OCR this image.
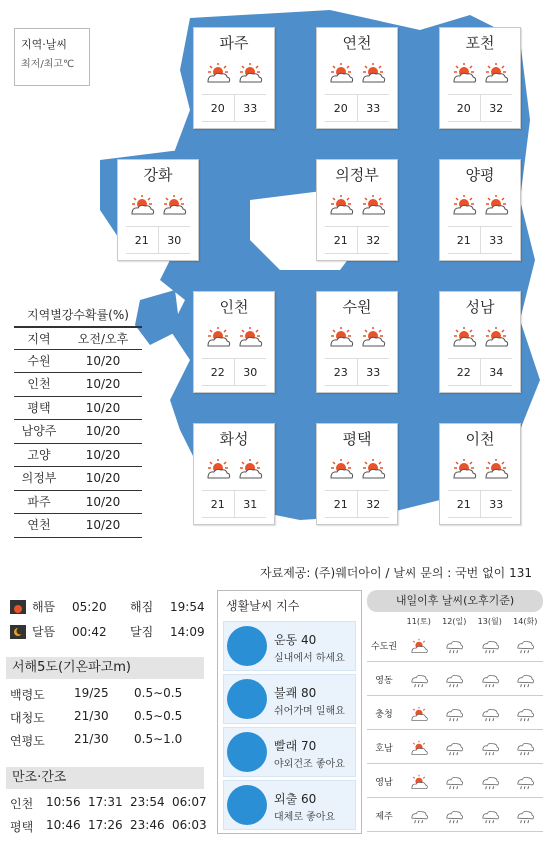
지역·날씨
최저/최고℃
파주
20	33
연천
20	33
포천
20	32
강화
21	30
의정부
21	32
양평
21	33
인천
22	30
수원
23	33
성남
22	34
화성
21	31
평택
21	32
이천
21	33
지역별강수확률(%)
지역	오전/오후
수원	10/20
인천	10/20
평택	10/20
남양주	10/20
고양	10/20
의정부	10/20
파주	10/20
연천	10/20
자료제공: (주)웨더아이 / 날씨 문의 : 국번 없이 131
해뜸	05:20	해짐	19:54
달뜸	00:42	달짐	14:09
서해5도(기온파고m)
백령도	19/25	0.5∼0.5
대청도	21/30	0.5∼0.5
연평도	21/30	0.5∼1.0
만조·간조
인천	10:56 17:31 23:54 06:07
평택	10:46 17:26 23:46 06:03
생활날씨 지수
운동 40
실내에서 하세요
불쾌 80
쉬어가며 일해요
빨래 70
야외건조 좋아요
외출 60
대체로 좋아요
내일이후 날씨(오후기준)
11(토)	12(일)	13(월)	14(화)
수도권
영동
충청
호남
영남
제주
